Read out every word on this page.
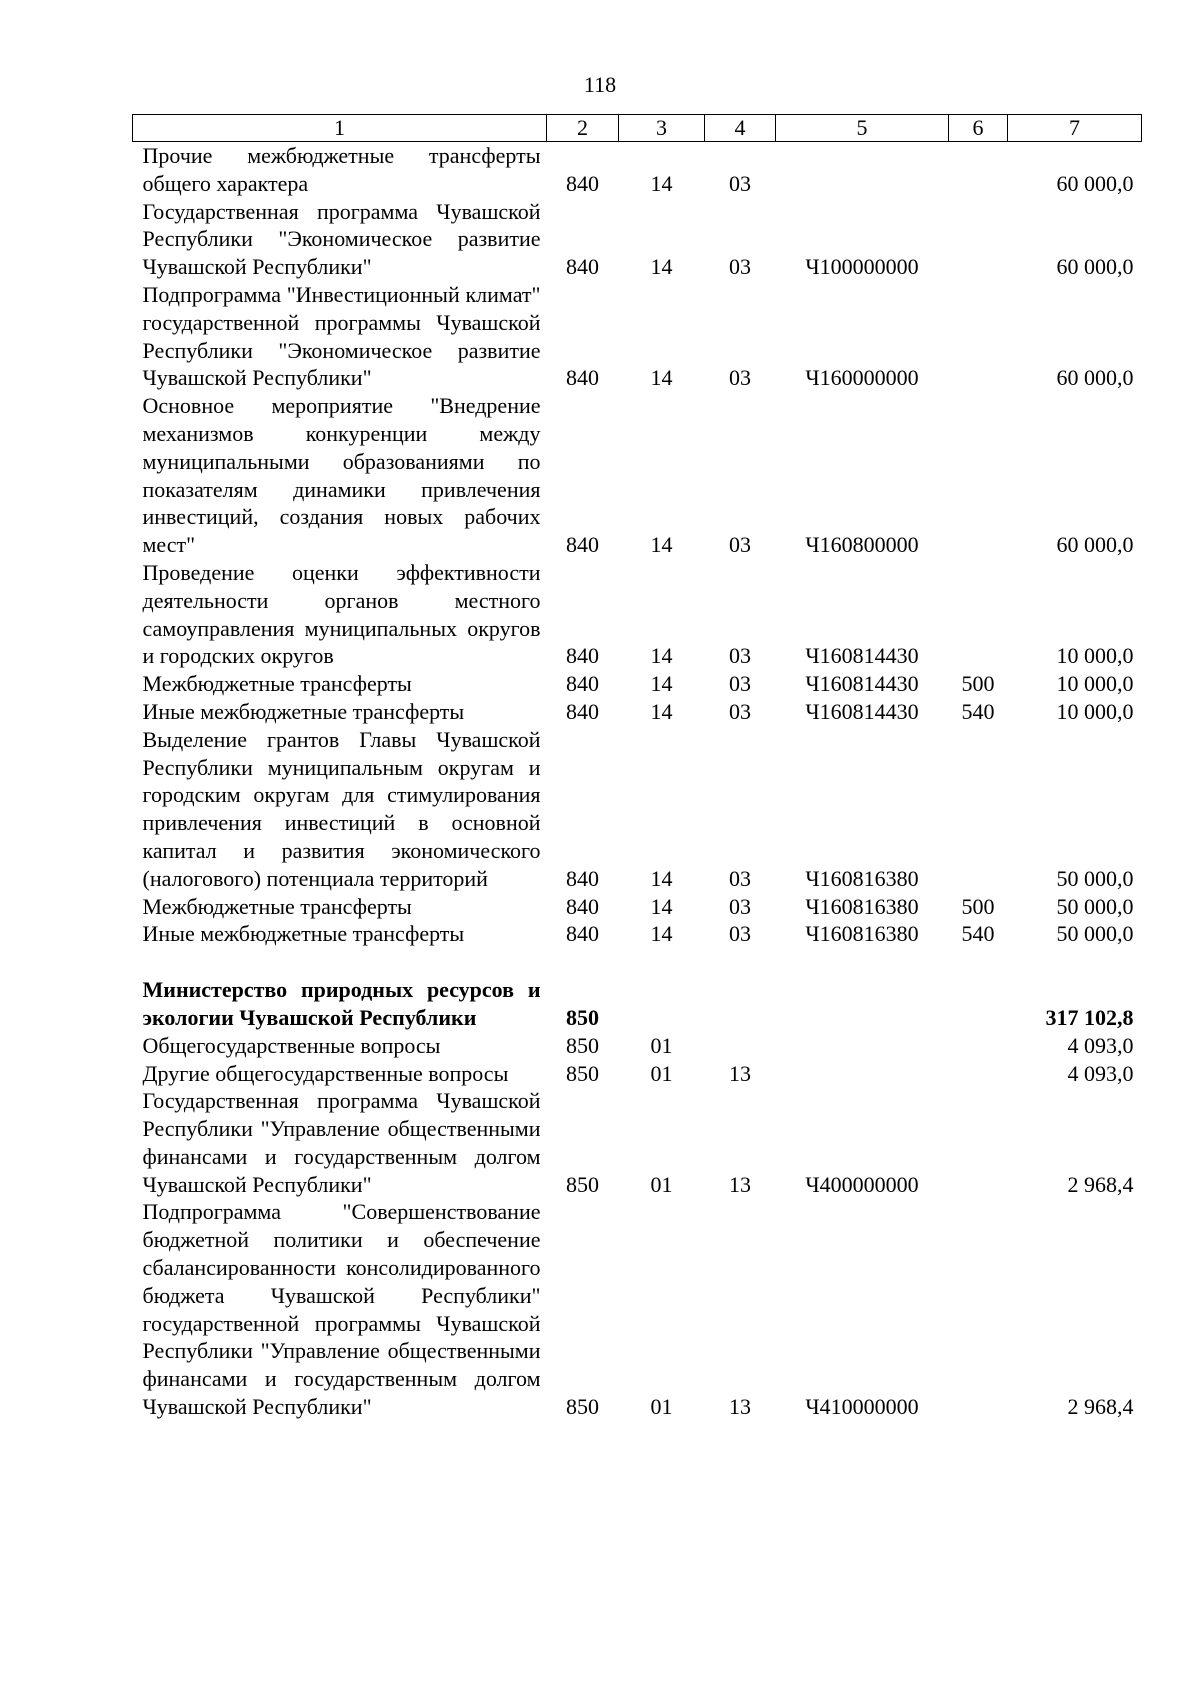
118
1	2	3	4	5	6	7
Прочие межбюджетные трансферты общего характера	840	14	03			60 000,0
Государственная программа Чувашской Республики "Экономическое развитие Чувашской Республики"	840	14	03	Ч100000000		60 000,0
Подпрограмма "Инвестиционный климат" государственной программы Чувашской Республики "Экономическое развитие Чувашской Республики"	840	14	03	Ч160000000		60 000,0
Основное мероприятие "Внедрение механизмов конкуренции между муниципальными образованиями по показателям динамики привлечения инвестиций, создания новых рабочих мест"	840	14	03	Ч160800000		60 000,0
Проведение оценки эффективности деятельности органов местного самоуправления муниципальных округов и городских округов	840	14	03	Ч160814430		10 000,0
Межбюджетные трансферты	840	14	03	Ч160814430	500	10 000,0
Иные межбюджетные трансферты	840	14	03	Ч160814430	540	10 000,0
Выделение грантов Главы Чувашской Республики муниципальным округам и городским округам для стимулирования привлечения инвестиций в основной капитал и развития экономического (налогового) потенциала территорий	840	14	03	Ч160816380		50 000,0
Межбюджетные трансферты	840	14	03	Ч160816380	500	50 000,0
Иные межбюджетные трансферты	840	14	03	Ч160816380	540	50 000,0

Министерство природных ресурсов и экологии Чувашской Республики	850					317 102,8
Общегосударственные вопросы	850	01				4 093,0
Другие общегосударственные вопросы	850	01	13			4 093,0
Государственная программа Чувашской Республики "Управление общественными финансами и государственным долгом Чувашской Республики"	850	01	13	Ч400000000		2 968,4
Подпрограмма "Совершенствование бюджетной политики и обеспечение сбалансированности консолидированного бюджета Чувашской Республики" государственной программы Чувашской Республики "Управление общественными финансами и государственным долгом Чувашской Республики"	850	01	13	Ч410000000		2 968,4
